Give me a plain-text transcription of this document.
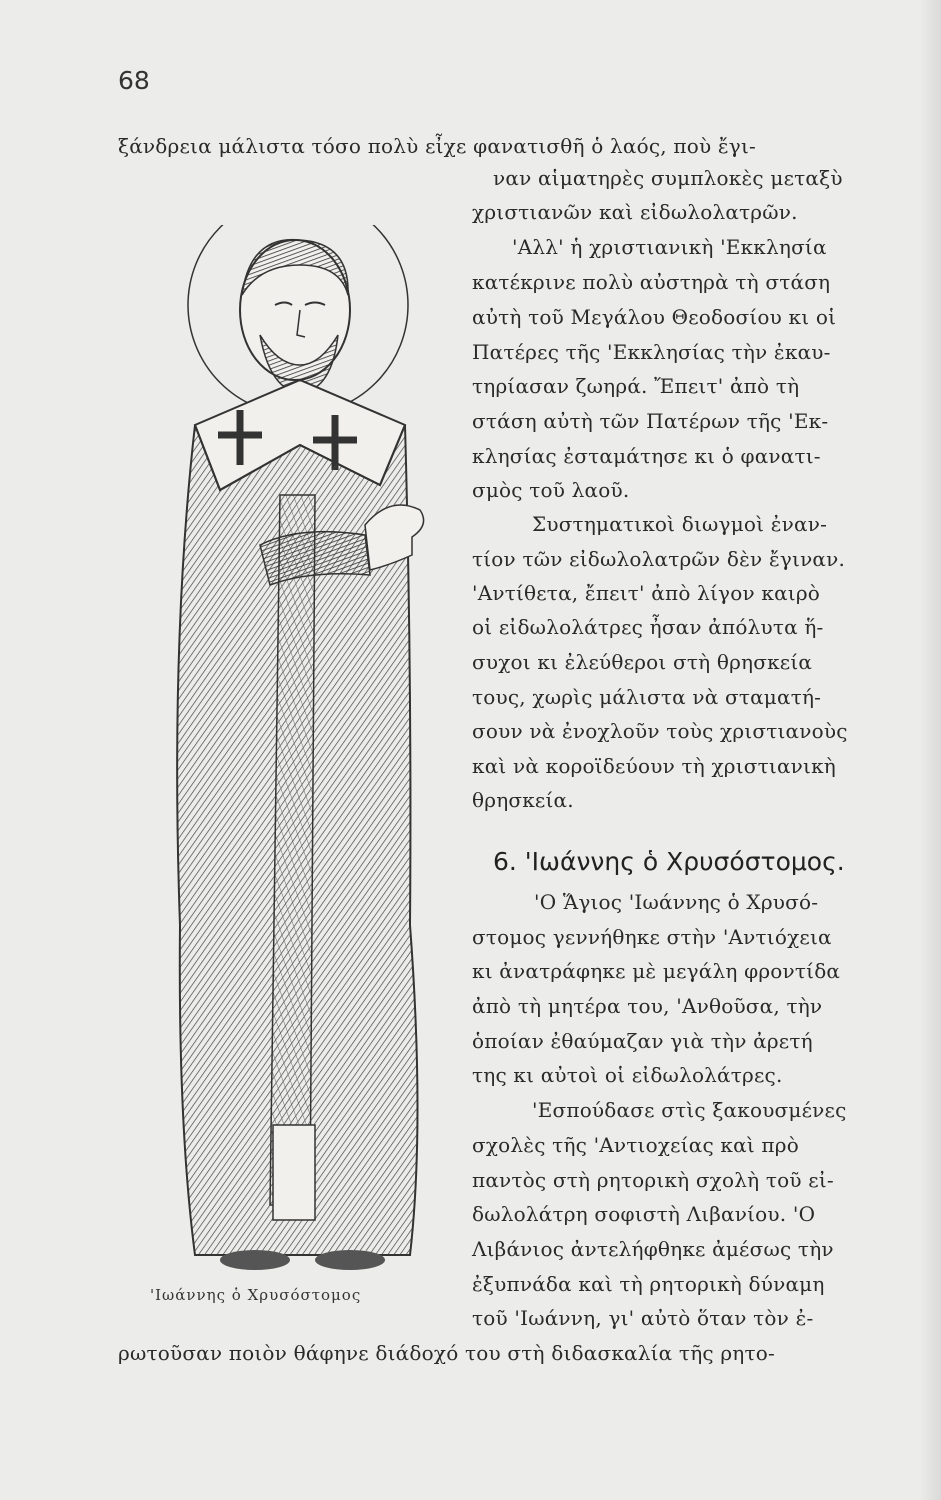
68
ξάνδρεια μάλιστα τόσο πολὺ εἶχε φανατισθῆ ὁ λαός, ποὺ ἔγι-
ναν αἱματηρὲς συμπλοκὲς μεταξὺ
χριστιανῶν καὶ εἰδωλολατρῶν.
'Αλλ' ἡ χριστιανικὴ 'Εκκλησία
κατέκρινε πολὺ αὐστηρὰ τὴ στάση
αὐτὴ τοῦ Μεγάλου Θεοδοσίου κι οἱ
Πατέρες τῆς 'Εκκλησίας τὴν ἐκαυ-
τηρίασαν ζωηρά. Ἔπειτ' ἀπὸ τὴ
στάση αὐτὴ τῶν Πατέρων τῆς 'Εκ-
κλησίας ἐσταμάτησε κι ὁ φανατι-
σμὸς τοῦ λαοῦ.
Συστηματικοὶ διωγμοὶ ἐναν-
τίον τῶν εἰδωλολατρῶν δὲν ἔγιναν.
'Αντίθετα, ἔπειτ' ἀπὸ λίγον καιρὸ
οἱ εἰδωλολάτρες ἦσαν ἀπόλυτα ἥ-
συχοι κι ἐλεύθεροι στὴ θρησκεία
τους, χωρὶς μάλιστα νὰ σταματή-
σουν νὰ ἐνοχλοῦν τοὺς χριστιανοὺς
καὶ νὰ κοροϊδεύουν τὴ χριστιανικὴ
θρησκεία.
6. 'Ιωάννης ὁ Χρυσόστομος.
'Ο Ἅγιος 'Ιωάννης ὁ Χρυσό-
στομος γεννήθηκε στὴν 'Αντιόχεια
κι ἀνατράφηκε μὲ μεγάλη φροντίδα
ἀπὸ τὴ μητέρα του, 'Ανθοῦσα, τὴν
ὁποίαν ἐθαύμαζαν γιὰ τὴν ἀρετή
της κι αὐτοὶ οἱ εἰδωλολάτρες.
'Εσπούδασε στὶς ξακουσμένες
σχολὲς τῆς 'Αντιοχείας καὶ πρὸ
παντὸς στὴ ρητορικὴ σχολὴ τοῦ εἰ-
δωλολάτρη σοφιστὴ Λιβανίου. 'Ο
Λιβάνιος ἀντελήφθηκε ἀμέσως τὴν
ἐξυπνάδα καὶ τὴ ρητορικὴ δύναμη
τοῦ 'Ιωάννη, γι' αὐτὸ ὅταν τὸν ἐ-
ρωτοῦσαν ποιὸν θάφηνε διάδοχό του στὴ διδασκαλία τῆς ρητο-
'Ιωάννης ὁ Χρυσόστομος
